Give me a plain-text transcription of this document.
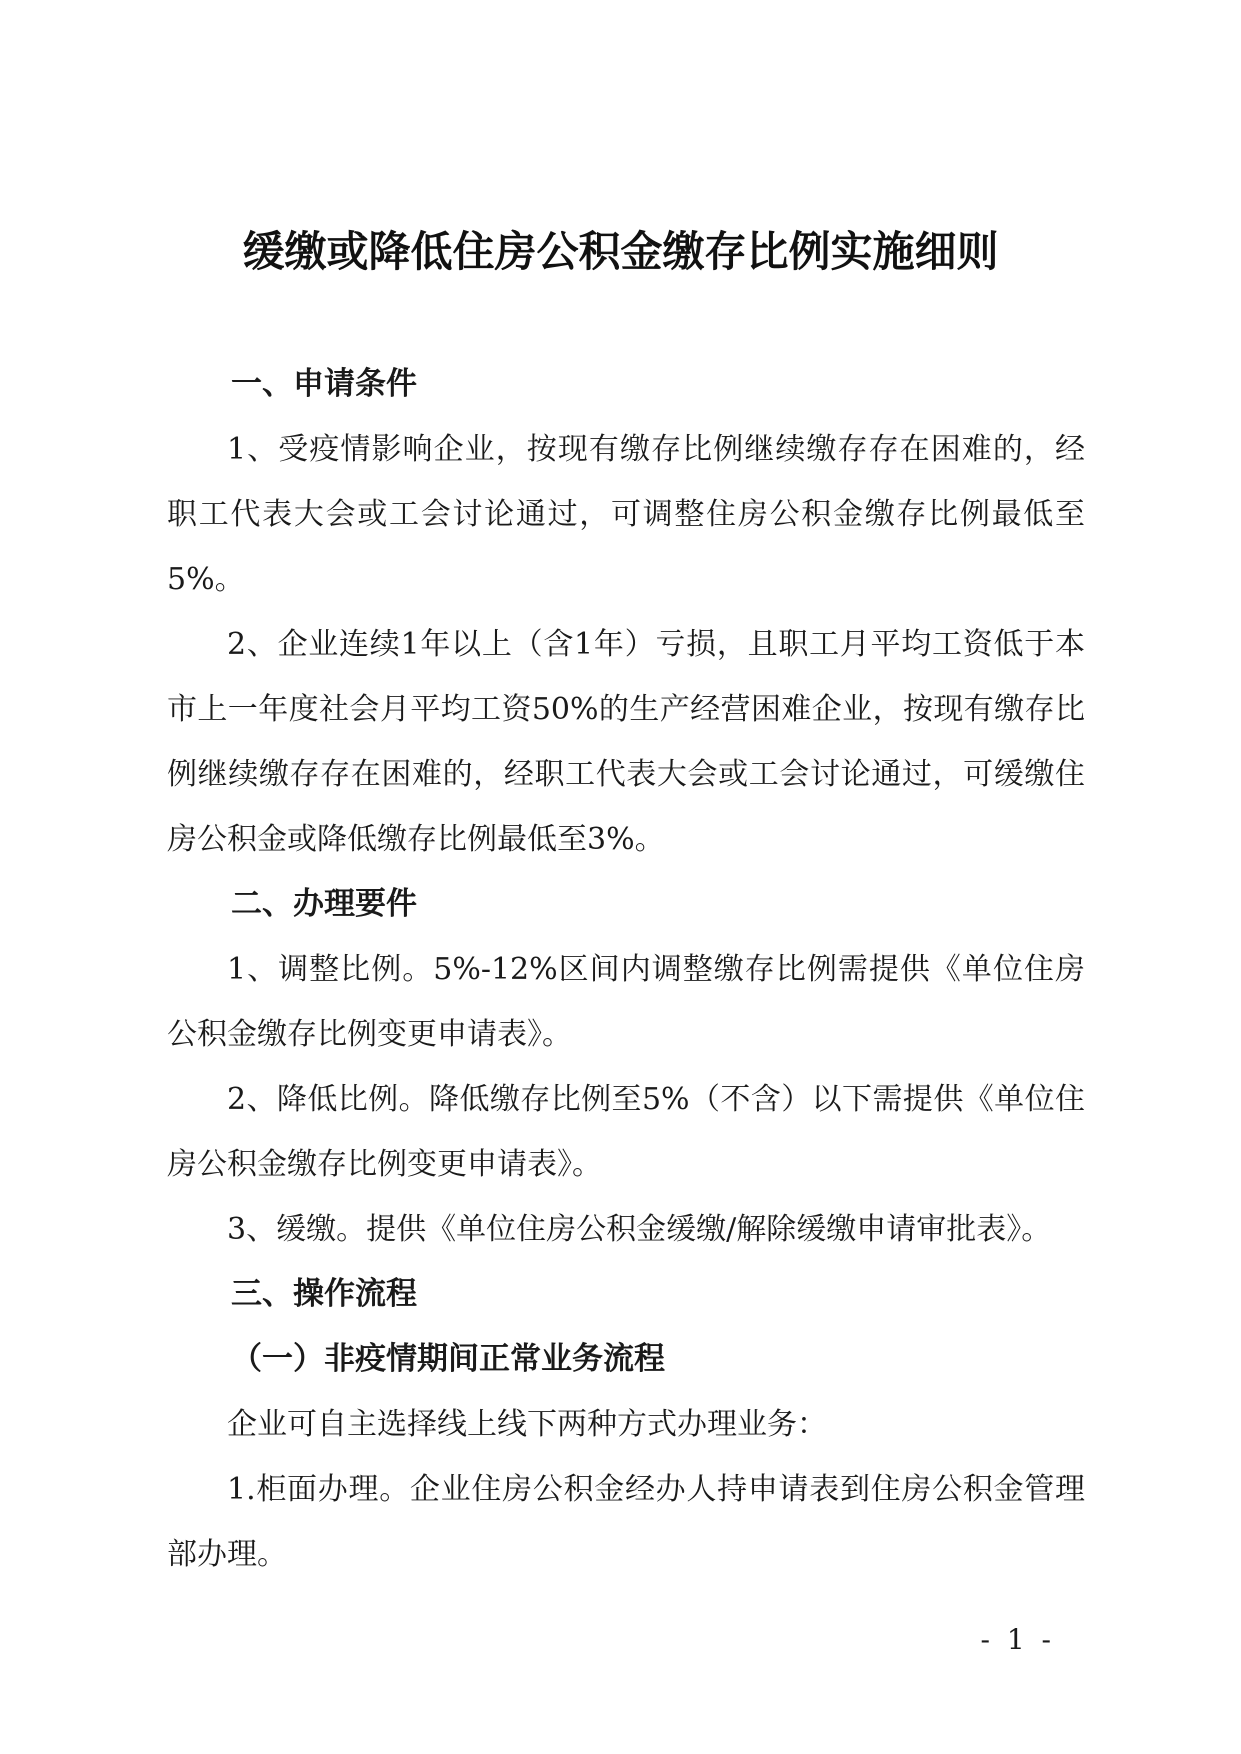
缓缴或降低住房公积金缴存比例实施细则
一、申请条件

1、受疫情影响企业，按现有缴存比例继续缴存存在困难的，经职工代表大会或工会讨论通过，可调整住房公积金缴存比例最低至5%。

2、企业连续1年以上（含1年）亏损，且职工月平均工资低于本市上一年度社会月平均工资50%的生产经营困难企业，按现有缴存比例继续缴存存在困难的，经职工代表大会或工会讨论通过，可缓缴住房公积金或降低缴存比例最低至3%。

二、办理要件

1、调整比例。5%-12%区间内调整缴存比例需提供《单位住房公积金缴存比例变更申请表》。

2、降低比例。降低缴存比例至5%（不含）以下需提供《单位住房公积金缴存比例变更申请表》。

3、缓缴。提供《单位住房公积金缓缴/解除缓缴申请审批表》。

三、操作流程
（一）非疫情期间正常业务流程

企业可自主选择线上线下两种方式办理业务：

1.柜面办理。企业住房公积金经办人持申请表到住房公积金管理部办理。

- 1 -
